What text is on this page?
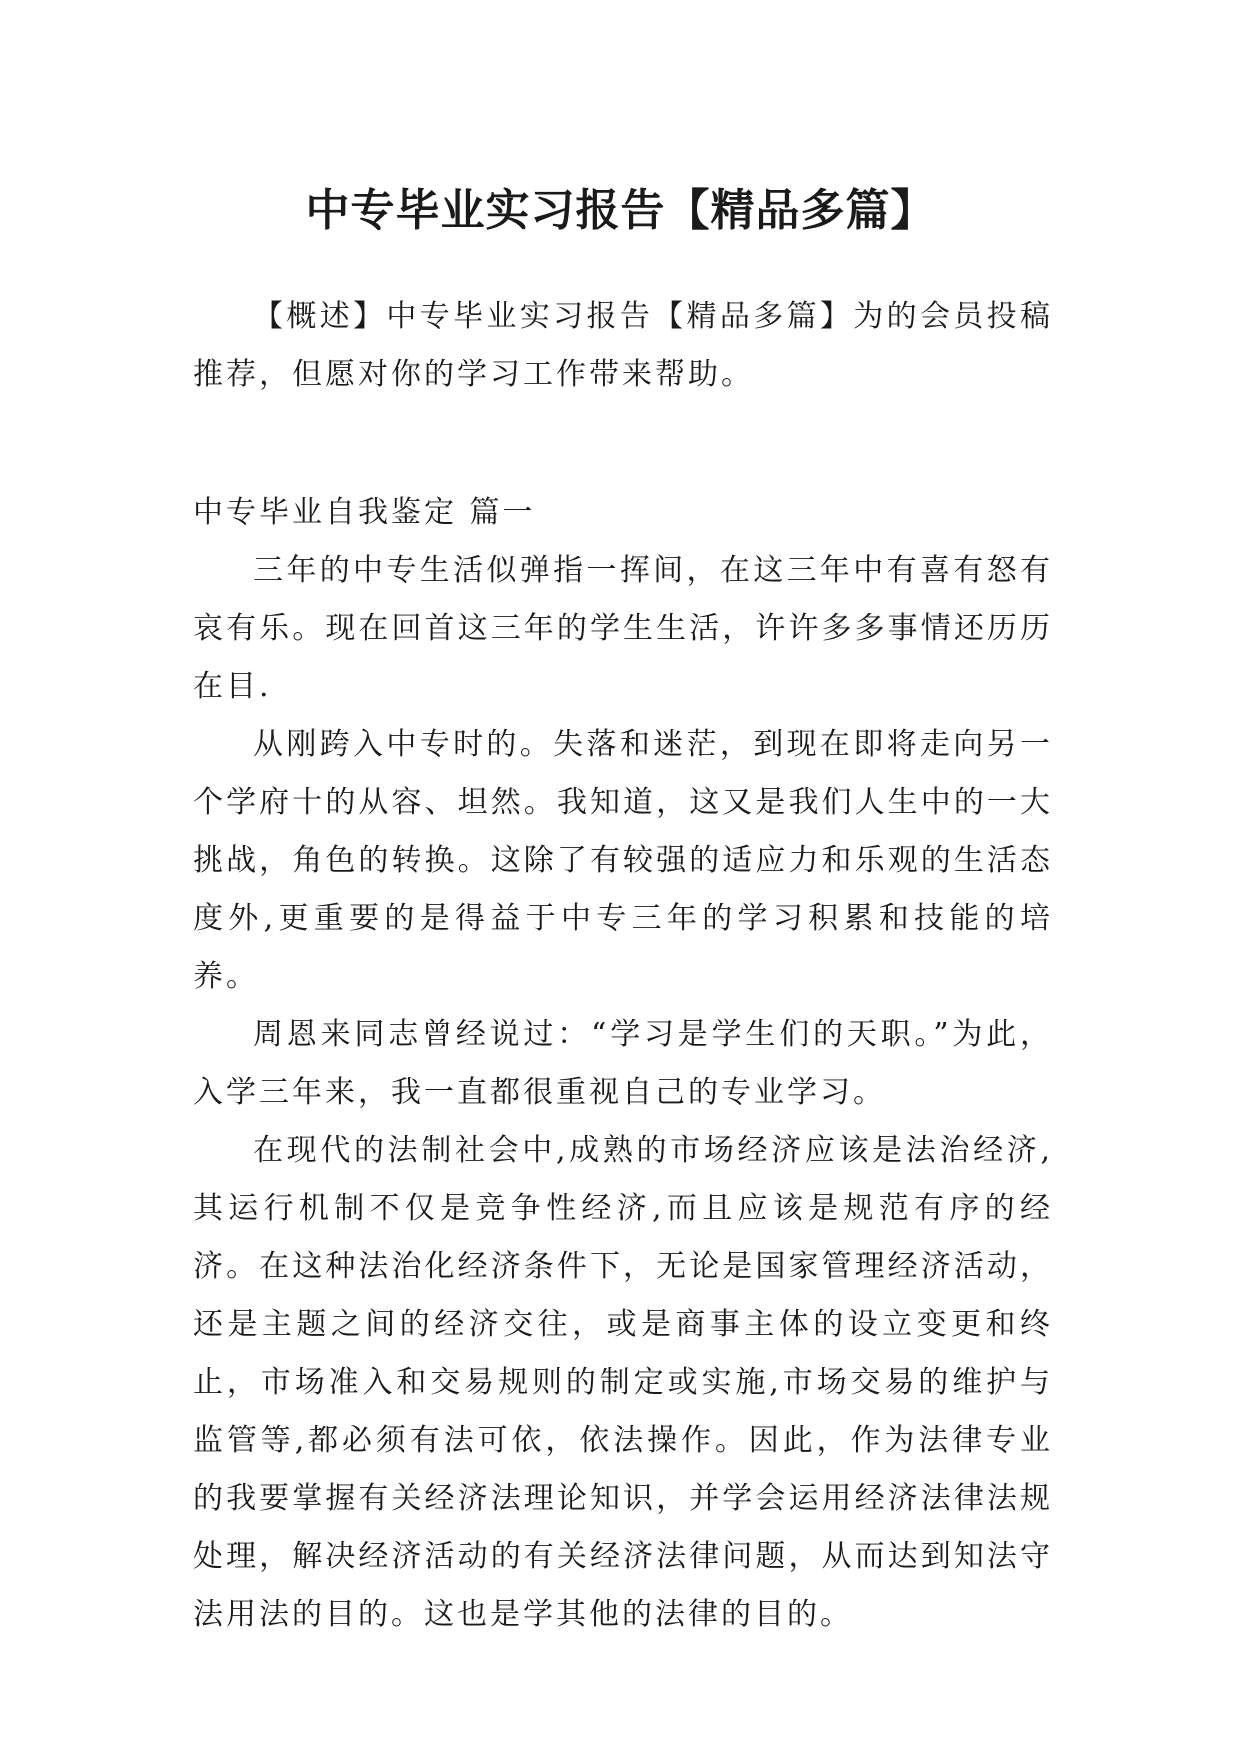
中专毕业实习报告【精品多篇】

【概述】中专毕业实习报告【精品多篇】为的会员投稿推荐，但愿对你的学习工作带来帮助。

中专毕业自我鉴定 篇一

三年的中专生活似弹指一挥间，在这三年中有喜有怒有哀有乐。现在回首这三年的学生生活，许许多多事情还历历在目.

从刚跨入中专时的。失落和迷茫，到现在即将走向另一个学府十的从容、坦然。我知道，这又是我们人生中的一大挑战，角色的转换。这除了有较强的适应力和乐观的生活态度外,更重要的是得益于中专三年的学习积累和技能的培养。

周恩来同志曾经说过：“学习是学生们的天职。”为此，入学三年来，我一直都很重视自己的专业学习。

在现代的法制社会中,成熟的市场经济应该是法治经济,其运行机制不仅是竞争性经济,而且应该是规范有序的经济。在这种法治化经济条件下，无论是国家管理经济活动，还是主题之间的经济交往，或是商事主体的设立变更和终止，市场准入和交易规则的制定或实施,市场交易的维护与监管等,都必须有法可依，依法操作。因此，作为法律专业的我要掌握有关经济法理论知识，并学会运用经济法律法规处理，解决经济活动的有关经济法律问题，从而达到知法守法用法的目的。这也是学其他的法律的目的。
